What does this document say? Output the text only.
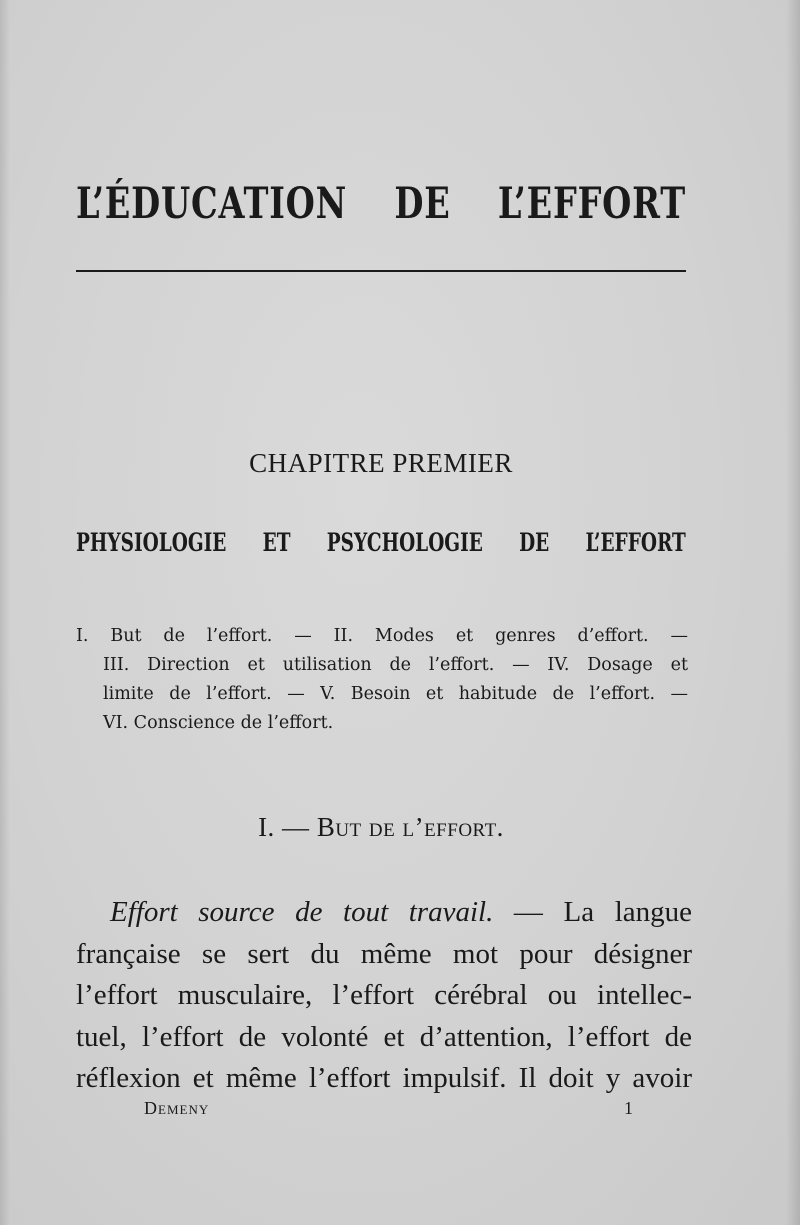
L’ÉDUCATION DE L’EFFORT
CHAPITRE PREMIER
PHYSIOLOGIE ET PSYCHOLOGIE DE L’EFFORT
I. But de l’effort. — II. Modes et genres d’effort. —
III. Direction et utilisation de l’effort. — IV. Dosage et
limite de l’effort. — V. Besoin et habitude de l’effort. —
VI. Conscience de l’effort.
I. — But de l’effort.
Effort source de tout travail. — La langue
française se sert du même mot pour désigner
l’effort musculaire, l’effort cérébral ou intellec-
tuel, l’effort de volonté et d’attention, l’effort de
réflexion et même l’effort impulsif. Il doit y avoir
Demeny	1
